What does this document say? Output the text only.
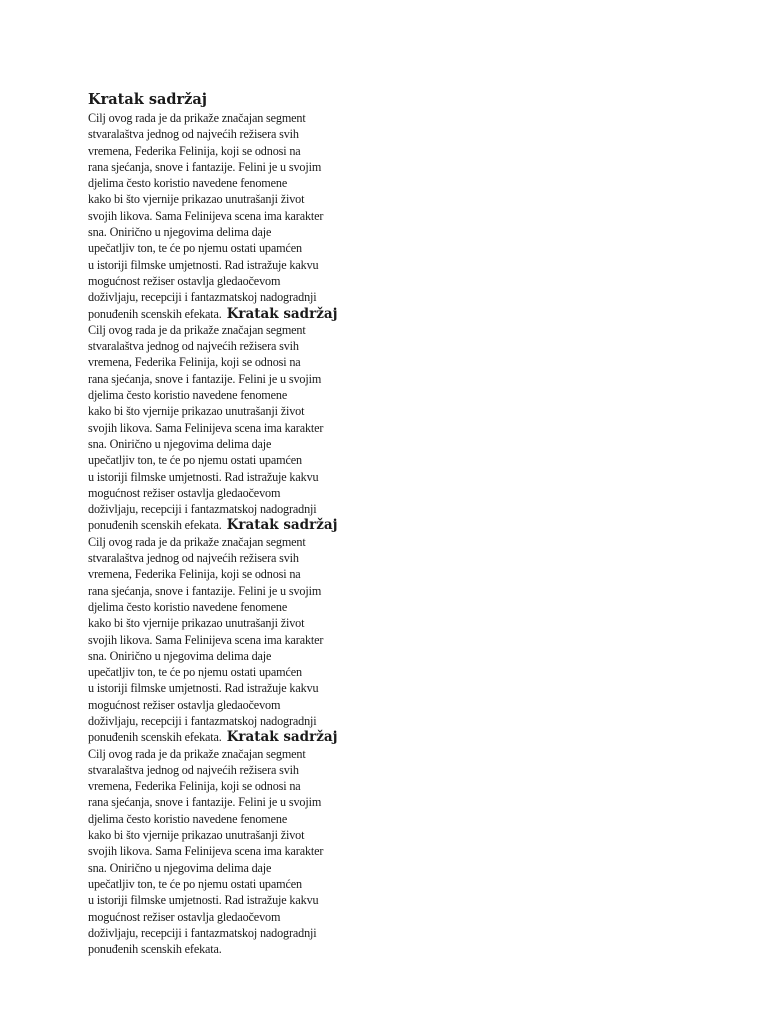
Kratak sadržaj
Cilj ovog rada je da prikaže značajan segment
stvaralaštva jednog od najvećih režisera svih
vremena, Federika Felinija, koji se odnosi na
rana sjećanja, snove i fantazije. Felini je u svojim
djelima često koristio navedene fenomene
kako bi što vjernije prikazao unutrašanji život
svojih likova. Sama Felinijeva scena ima karakter
sna. Onirično u njegovima delima daje
upečatljiv ton, te će po njemu ostati upamćen
u istoriji filmske umjetnosti. Rad istražuje kakvu
mogućnost režiser ostavlja gledaočevom
doživljaju, recepciji i fantazmatskoj nadogradnji
ponuđenih scenskih efekata. Kratak sadržaj
Cilj ovog rada je da prikaže značajan segment
stvaralaštva jednog od najvećih režisera svih
vremena, Federika Felinija, koji se odnosi na
rana sjećanja, snove i fantazije. Felini je u svojim
djelima često koristio navedene fenomene
kako bi što vjernije prikazao unutrašanji život
svojih likova. Sama Felinijeva scena ima karakter
sna. Onirično u njegovima delima daje
upečatljiv ton, te će po njemu ostati upamćen
u istoriji filmske umjetnosti. Rad istražuje kakvu
mogućnost režiser ostavlja gledaočevom
doživljaju, recepciji i fantazmatskoj nadogradnji
ponuđenih scenskih efekata. Kratak sadržaj
Cilj ovog rada je da prikaže značajan segment
stvaralaštva jednog od najvećih režisera svih
vremena, Federika Felinija, koji se odnosi na
rana sjećanja, snove i fantazije. Felini je u svojim
djelima često koristio navedene fenomene
kako bi što vjernije prikazao unutrašanji život
svojih likova. Sama Felinijeva scena ima karakter
sna. Onirično u njegovima delima daje
upečatljiv ton, te će po njemu ostati upamćen
u istoriji filmske umjetnosti. Rad istražuje kakvu
mogućnost režiser ostavlja gledaočevom
doživljaju, recepciji i fantazmatskoj nadogradnji
ponuđenih scenskih efekata. Kratak sadržaj
Cilj ovog rada je da prikaže značajan segment
stvaralaštva jednog od najvećih režisera svih
vremena, Federika Felinija, koji se odnosi na
rana sjećanja, snove i fantazije. Felini je u svojim
djelima često koristio navedene fenomene
kako bi što vjernije prikazao unutrašanji život
svojih likova. Sama Felinijeva scena ima karakter
sna. Onirično u njegovima delima daje
upečatljiv ton, te će po njemu ostati upamćen
u istoriji filmske umjetnosti. Rad istražuje kakvu
mogućnost režiser ostavlja gledaočevom
doživljaju, recepciji i fantazmatskoj nadogradnji
ponuđenih scenskih efekata.
